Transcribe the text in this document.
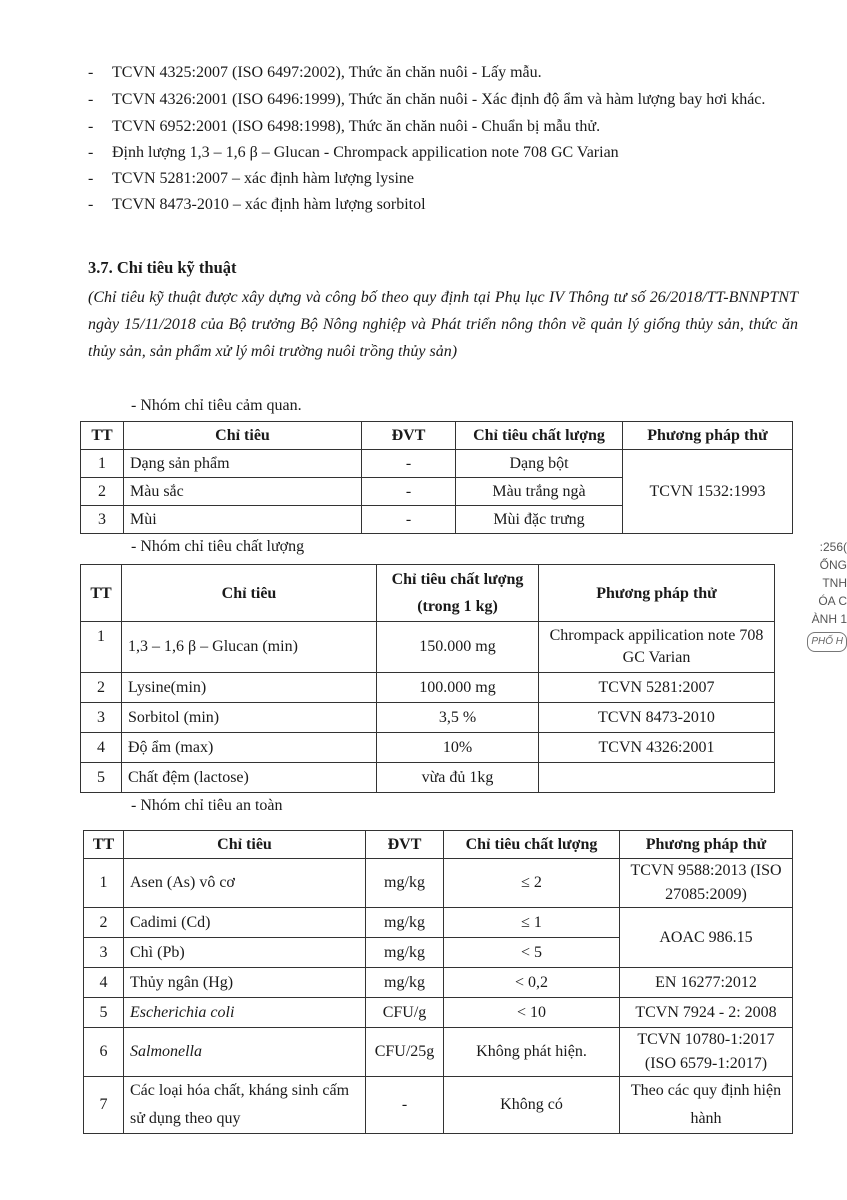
- TCVN 4325:2007 (ISO 6497:2002), Thức ăn chăn nuôi - Lấy mẫu.
- TCVN 4326:2001 (ISO 6496:1999), Thức ăn chăn nuôi - Xác định độ ẩm và hàm lượng bay hơi khác.
- TCVN 6952:2001 (ISO 6498:1998), Thức ăn chăn nuôi - Chuẩn bị mẫu thử.
- Định lượng 1,3 – 1,6 β – Glucan - Chrompack appilication note 708 GC Varian
- TCVN 5281:2007 – xác định hàm lượng lysine
- TCVN 8473-2010 – xác định hàm lượng sorbitol
3.7. Chỉ tiêu kỹ thuật
(Chỉ tiêu kỹ thuật được xây dựng và công bố theo quy định tại Phụ lục IV Thông tư số 26/2018/TT-BNNPTNT ngày 15/11/2018 của Bộ trưởng Bộ Nông nghiệp và Phát triển nông thôn về quản lý giống thủy sản, thức ăn thủy sản, sản phẩm xử lý môi trường nuôi trồng thủy sản)
- Nhóm chỉ tiêu cảm quan.
TT	Chỉ tiêu	ĐVT	Chỉ tiêu chất lượng	Phương pháp thử
1	Dạng sản phẩm	-	Dạng bột	TCVN 1532:1993
2	Màu sắc	-	Màu trắng ngà	
3	Mùi	-	Mùi đặc trưng	
- Nhóm chỉ tiêu chất lượng
TT	Chỉ tiêu	Chỉ tiêu chất lượng (trong 1 kg)	Phương pháp thử
1	1,3 – 1,6 β – Glucan (min)	150.000 mg	Chrompack appilication note 708 GC Varian
2	Lysine(min)	100.000 mg	TCVN 5281:2007
3	Sorbitol (min)	3,5 %	TCVN 8473-2010
4	Độ ẩm (max)	10%	TCVN 4326:2001
5	Chất đệm (lactose)	vừa đủ 1kg	
- Nhóm chỉ tiêu an toàn
TT	Chỉ tiêu	ĐVT	Chỉ tiêu chất lượng	Phương pháp thử
1	Asen (As) vô cơ	mg/kg	≤ 2	TCVN 9588:2013 (ISO 27085:2009)
2	Cadimi (Cd)	mg/kg	≤ 1	AOAC 986.15
3	Chì (Pb)	mg/kg	< 5	
4	Thủy ngân (Hg)	mg/kg	< 0,2	EN 16277:2012
5	Escherichia coli	CFU/g	< 10	TCVN 7924 - 2: 2008
6	Salmonella	CFU/25g	Không phát hiện.	TCVN 10780-1:2017 (ISO 6579-1:2017)
7	Các loại hóa chất, kháng sinh cấm sử dụng theo quy	-	Không có	Theo các quy định hiện hành
:256(
ỐNG
TNH
ÓA C
ÀNH 1
PHỐ H
